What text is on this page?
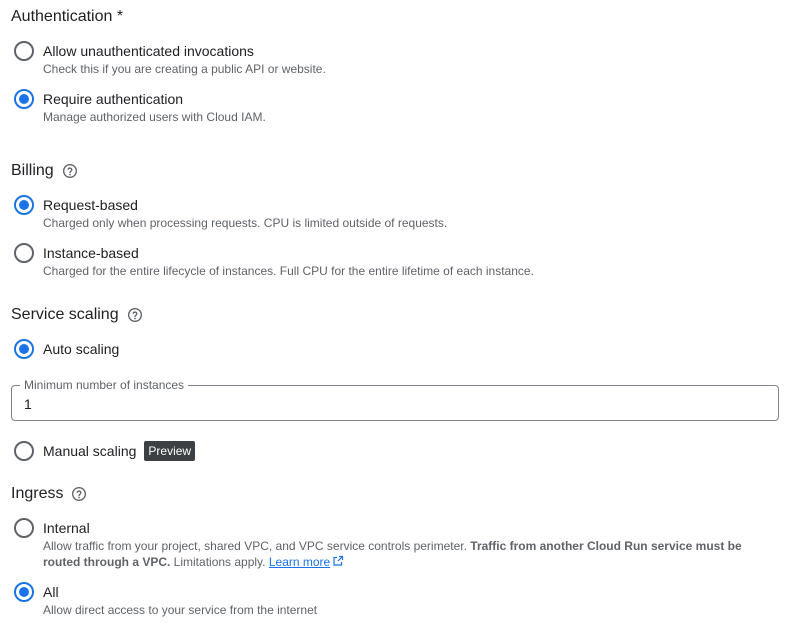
Authentication *
Allow unauthenticated invocations
Check this if you are creating a public API or website.
Require authentication
Manage authorized users with Cloud IAM.
Billing
Request-based
Charged only when processing requests. CPU is limited outside of requests.
Instance-based
Charged for the entire lifecycle of instances. Full CPU for the entire lifetime of each instance.
Service scaling
Auto scaling
Minimum number of instances
1
Manual scaling	Preview
Ingress
Internal
Allow traffic from your project, shared VPC, and VPC service controls perimeter. Traffic from another Cloud Run service must be routed through a VPC. Limitations apply. Learn more
All
Allow direct access to your service from the internet
